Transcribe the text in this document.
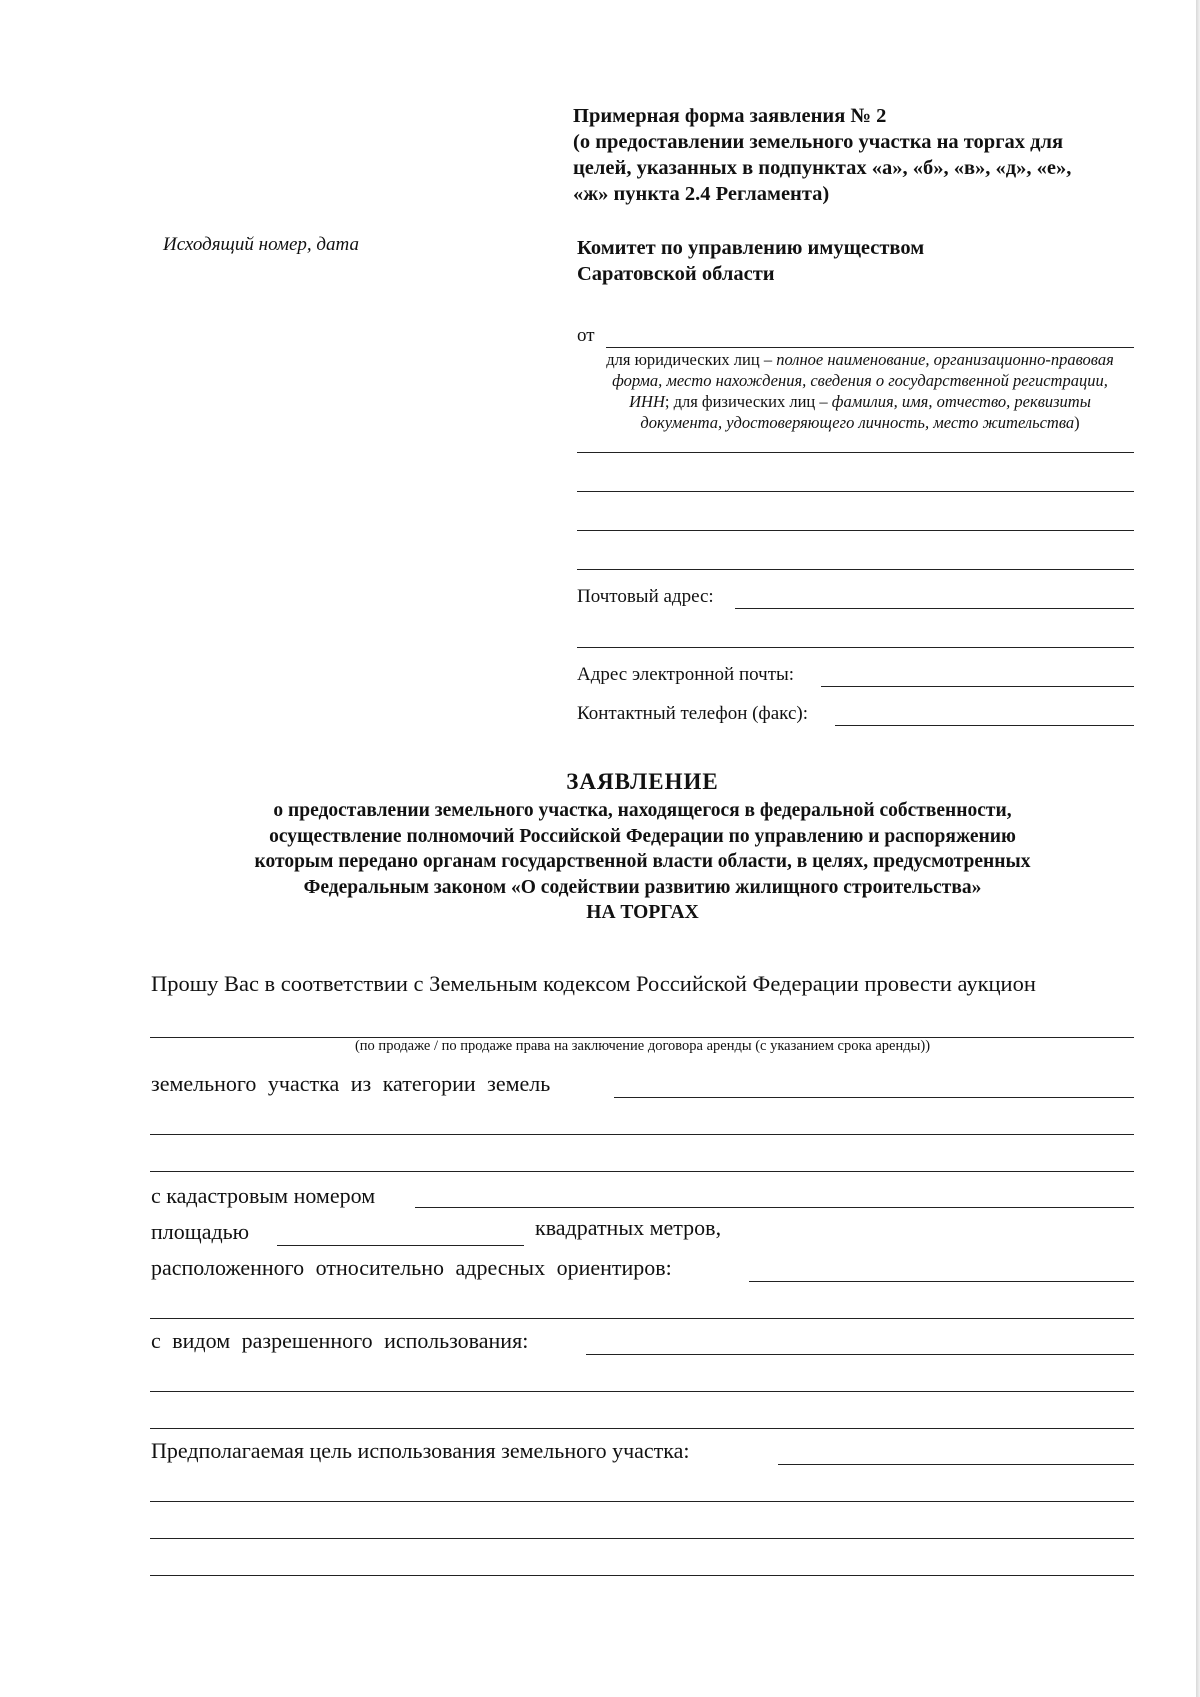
Примерная форма заявления № 2
(о предоставлении земельного участка на торгах для
целей, указанных в подпунктах «а», «б», «в», «д», «е»,
«ж» пункта 2.4 Регламента)
Исходящий номер, дата	Комитет по управлению имуществом
Саратовской области
от
для юридических лиц – полное наименование, организационно-правовая форма, место нахождения, сведения о государственной регистрации, ИНН; для физических лиц – фамилия, имя, отчество, реквизиты документа, удостоверяющего личность, место жительства)
Почтовый адрес:
Адрес электронной почты:
Контактный телефон (факс):
ЗАЯВЛЕНИЕ
о предоставлении земельного участка, находящегося в федеральной собственности,
осуществление полномочий Российской Федерации по управлению и распоряжению
которым передано органам государственной власти области, в целях, предусмотренных
Федеральным законом «О содействии развитию жилищного строительства»
НА ТОРГАХ
Прошу Вас в соответствии с Земельным кодексом Российской Федерации провести аукцион
(по продаже / по продаже права на заключение договора аренды (с указанием срока аренды))
земельного участка из категории земель
с кадастровым номером
площадью	квадратных метров,
расположенного относительно адресных ориентиров:
с видом разрешенного использования:
Предполагаемая цель использования земельного участка:
